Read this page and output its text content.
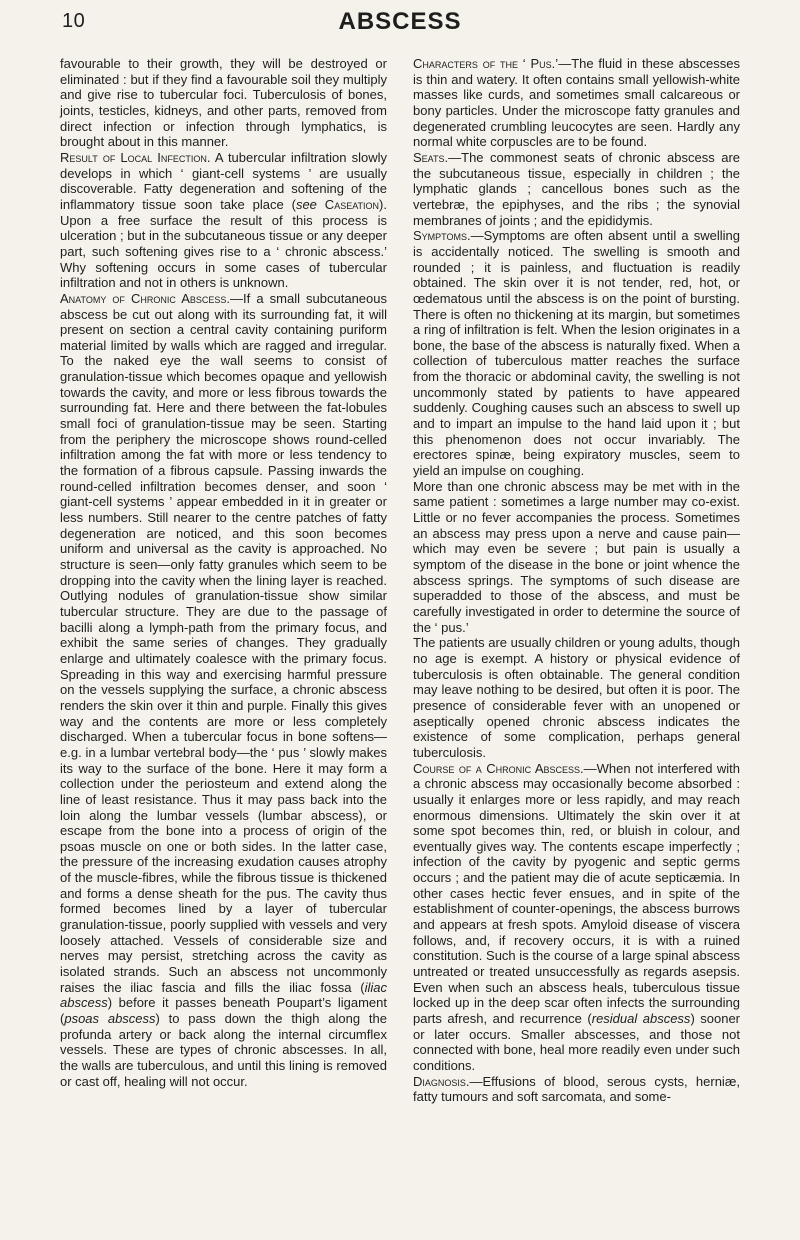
10	ABSCESS

favourable to their growth, they will be destroyed or eliminated : but if they find a favourable soil they multiply and give rise to tubercular foci. Tuberculosis of bones, joints, testicles, kidneys, and other parts, removed from direct infection or infection through lymphatics, is brought about in this manner.

Result of Local Infection. A tubercular infiltration slowly develops in which ‘ giant-cell systems ’ are usually discoverable. Fatty degeneration and softening of the inflammatory tissue soon take place (see Caseation). Upon a free surface the result of this process is ulceration ; but in the subcutaneous tissue or any deeper part, such softening gives rise to a ‘ chronic abscess.’ Why softening occurs in some cases of tubercular infiltration and not in others is unknown.

Anatomy of Chronic Abscess.—If a small subcutaneous abscess be cut out along with its surrounding fat, it will present on section a central cavity containing puriform material limited by walls which are ragged and irregular. To the naked eye the wall seems to consist of granulation-tissue which becomes opaque and yellowish towards the cavity, and more or less fibrous towards the surrounding fat. Here and there between the fat-lobules small foci of granulation-tissue may be seen. Starting from the periphery the microscope shows round-celled infiltration among the fat with more or less tendency to the formation of a fibrous capsule. Passing inwards the round-celled infiltration becomes denser, and soon ‘ giant-cell systems ’ appear embedded in it in greater or less numbers. Still nearer to the centre patches of fatty degeneration are noticed, and this soon becomes uniform and universal as the cavity is approached. No structure is seen—only fatty granules which seem to be dropping into the cavity when the lining layer is reached. Outlying nodules of granulation-tissue show similar tubercular structure. They are due to the passage of bacilli along a lymph-path from the primary focus, and exhibit the same series of changes. They gradually enlarge and ultimately coalesce with the primary focus. Spreading in this way and exercising harmful pressure on the vessels supplying the surface, a chronic abscess renders the skin over it thin and purple. Finally this gives way and the contents are more or less completely discharged. When a tubercular focus in bone softens—e.g. in a lumbar vertebral body—the ‘ pus ’ slowly makes its way to the surface of the bone. Here it may form a collection under the periosteum and extend along the line of least resistance. Thus it may pass back into the loin along the lumbar vessels (lumbar abscess), or escape from the bone into a process of origin of the psoas muscle on one or both sides. In the latter case, the pressure of the increasing exudation causes atrophy of the muscle-fibres, while the fibrous tissue is thickened and forms a dense sheath for the pus. The cavity thus formed becomes lined by a layer of tubercular granulation-tissue, poorly supplied with vessels and very loosely attached. Vessels of considerable size and nerves may persist, stretching across the cavity as isolated strands. Such an abscess not uncommonly raises the iliac fascia and fills the iliac fossa (iliac abscess) before it passes beneath Poupart’s ligament (psoas abscess) to pass down the thigh along the profunda artery or back along the internal circumflex vessels. These are types of chronic abscesses. In all, the walls are tuberculous, and until this lining is removed or cast off, healing will not occur.

Characters of the ‘ Pus.’—The fluid in these abscesses is thin and watery. It often contains small yellowish-white masses like curds, and sometimes small calcareous or bony particles. Under the microscope fatty granules and degenerated crumbling leucocytes are seen. Hardly any normal white corpuscles are to be found.

Seats.—The commonest seats of chronic abscess are the subcutaneous tissue, especially in children ; the lymphatic glands ; cancellous bones such as the vertebræ, the epiphyses, and the ribs ; the synovial membranes of joints ; and the epididymis.

Symptoms.—Symptoms are often absent until a swelling is accidentally noticed. The swelling is smooth and rounded ; it is painless, and fluctuation is readily obtained. The skin over it is not tender, red, hot, or œdematous until the abscess is on the point of bursting. There is often no thickening at its margin, but sometimes a ring of infiltration is felt. When the lesion originates in a bone, the base of the abscess is naturally fixed. When a collection of tuberculous matter reaches the surface from the thoracic or abdominal cavity, the swelling is not uncommonly stated by patients to have appeared suddenly. Coughing causes such an abscess to swell up and to impart an impulse to the hand laid upon it ; but this phenomenon does not occur invariably. The erectores spinæ, being expiratory muscles, seem to yield an impulse on coughing.

More than one chronic abscess may be met with in the same patient : sometimes a large number may co-exist. Little or no fever accompanies the process. Sometimes an abscess may press upon a nerve and cause pain—which may even be severe ; but pain is usually a symptom of the disease in the bone or joint whence the abscess springs. The symptoms of such disease are superadded to those of the abscess, and must be carefully investigated in order to determine the source of the ‘ pus.’

The patients are usually children or young adults, though no age is exempt. A history or physical evidence of tuberculosis is often obtainable. The general condition may leave nothing to be desired, but often it is poor. The presence of considerable fever with an unopened or aseptically opened chronic abscess indicates the existence of some complication, perhaps general tuberculosis.

Course of a Chronic Abscess.—When not interfered with a chronic abscess may occasionally become absorbed : usually it enlarges more or less rapidly, and may reach enormous dimensions. Ultimately the skin over it at some spot becomes thin, red, or bluish in colour, and eventually gives way. The contents escape imperfectly ; infection of the cavity by pyogenic and septic germs occurs ; and the patient may die of acute septicæmia. In other cases hectic fever ensues, and in spite of the establishment of counter-openings, the abscess burrows and appears at fresh spots. Amyloid disease of viscera follows, and, if recovery occurs, it is with a ruined constitution. Such is the course of a large spinal abscess untreated or treated unsuccessfully as regards asepsis. Even when such an abscess heals, tuberculous tissue locked up in the deep scar often infects the surrounding parts afresh, and recurrence (residual abscess) sooner or later occurs. Smaller abscesses, and those not connected with bone, heal more readily even under such conditions.

Diagnosis.—Effusions of blood, serous cysts, herniæ, fatty tumours and soft sarcomata, and some-
